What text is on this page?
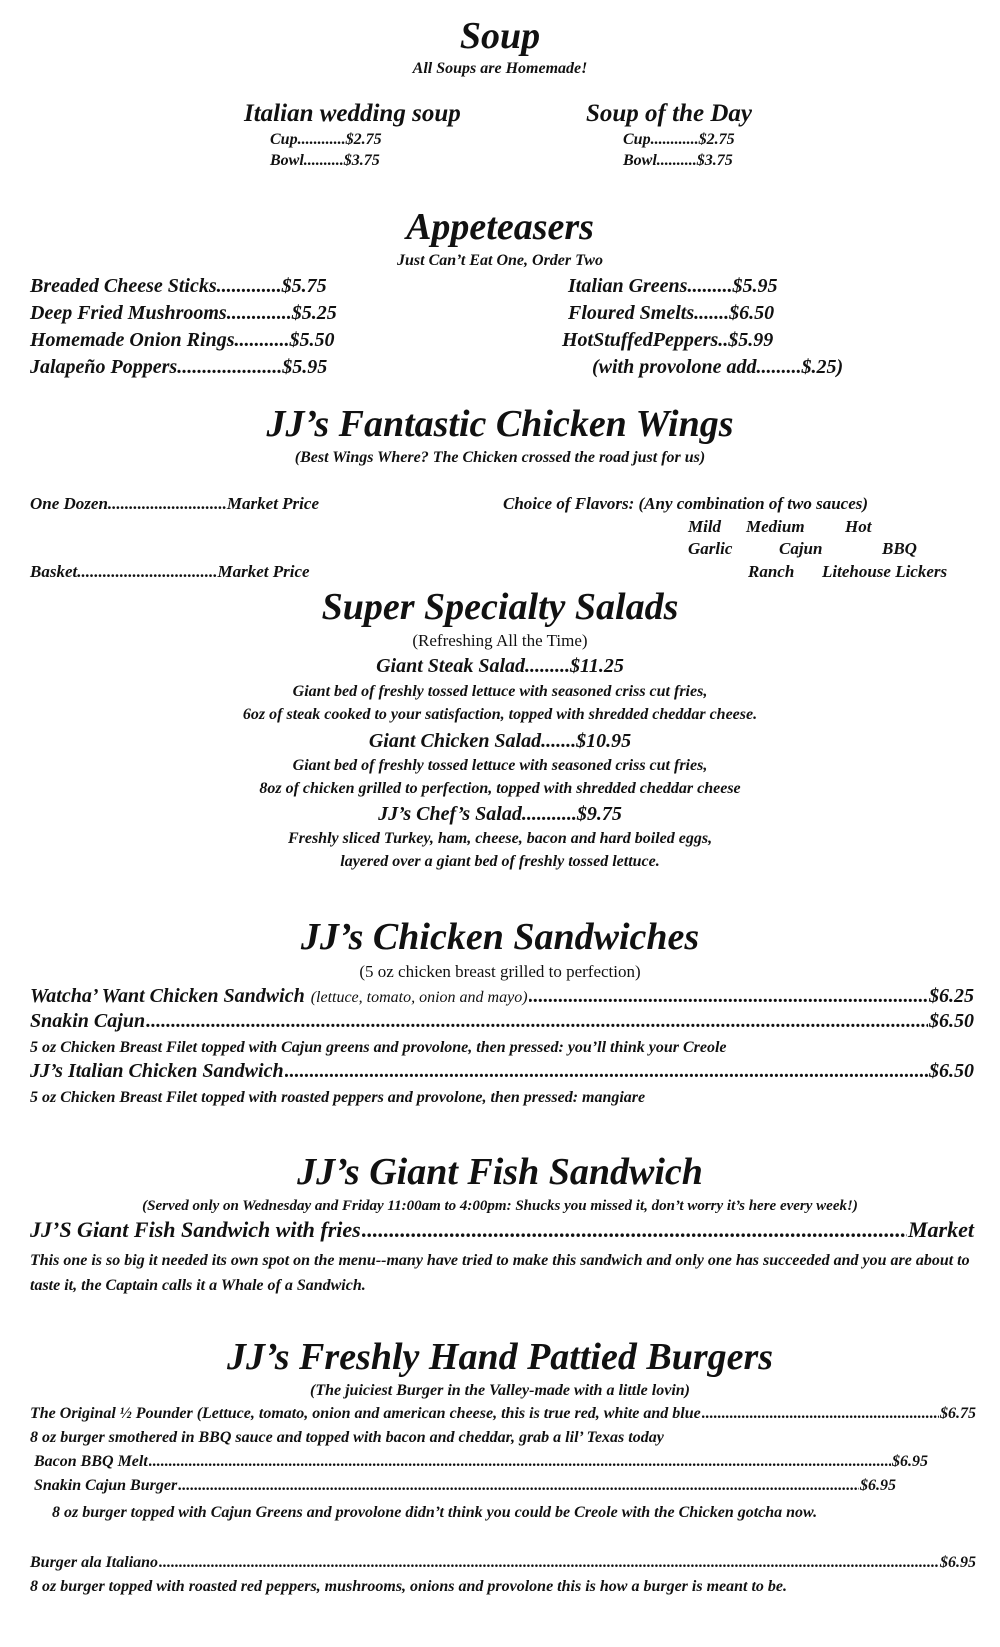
Soup
All Soups are Homemade!
Italian wedding soup
Cup............$2.75
Bowl..........$3.75
Soup of the Day
Cup............$2.75
Bowl..........$3.75
Appeteasers
Just Can’t Eat One, Order Two
Breaded Cheese Sticks.............$5.75
Deep Fried Mushrooms.............$5.25
Homemade Onion Rings...........$5.50
Jalapeño Poppers.....................$5.95
Italian Greens.........$5.95
Floured Smelts.......$6.50
HotStuffedPeppers..$5.99
(with provolone add.........$.25)
JJ’s Fantastic Chicken Wings
(Best Wings Where? The Chicken crossed the road just for us)
One Dozen............................Market Price
Basket.................................Market Price
Choice of Flavors: (Any combination of two sauces)
Mild Medium Hot
Garlic	Cajun	BBQ
Ranch Litehouse Lickers
Super Specialty Salads
(Refreshing All the Time)
Giant Steak Salad.........$11.25
Giant bed of freshly tossed lettuce with seasoned criss cut fries,
6oz of steak cooked to your satisfaction, topped with shredded cheddar cheese.
Giant Chicken Salad.......$10.95
Giant bed of freshly tossed lettuce with seasoned criss cut fries,
8oz of chicken grilled to perfection, topped with shredded cheddar cheese
JJ’s Chef’s Salad...........$9.75
Freshly sliced Turkey, ham, cheese, bacon and hard boiled eggs,
layered over a giant bed of freshly tossed lettuce.
JJ’s Chicken Sandwiches
(5 oz chicken breast grilled to perfection)
Watcha’ Want Chicken Sandwich (lettuce, tomato, onion and mayo) .....	$6.25
Snakin Cajun .....	$6.50
5 oz Chicken Breast Filet topped with Cajun greens and provolone, then pressed: you’ll think your Creole
JJ’s Italian Chicken Sandwich .....	$6.50
5 oz Chicken Breast Filet topped with roasted peppers and provolone, then pressed: mangiare
JJ’s Giant Fish Sandwich
(Served only on Wednesday and Friday 11:00am to 4:00pm: Shucks you missed it, don’t worry it’s here every week!)
JJ’S Giant Fish Sandwich with fries .....	Market
This one is so big it needed its own spot on the menu--many have tried to make this sandwich and only one has succeeded and you are about to taste it, the Captain calls it a Whale of a Sandwich.
JJ’s Freshly Hand Pattied Burgers
(The juiciest Burger in the Valley-made with a little lovin)
The Original ½ Pounder (Lettuce, tomato, onion and american cheese, this is true red, white and blue .....	$6.75
8 oz burger smothered in BBQ sauce and topped with bacon and cheddar, grab a lil’ Texas today
Bacon BBQ Melt .....	$6.95
Snakin Cajun Burger .....	$6.95
8 oz burger topped with Cajun Greens and provolone didn’t think you could be Creole with the Chicken gotcha now.
Burger ala Italiano .....	$6.95
8 oz burger topped with roasted red peppers, mushrooms, onions and provolone this is how a burger is meant to be.
